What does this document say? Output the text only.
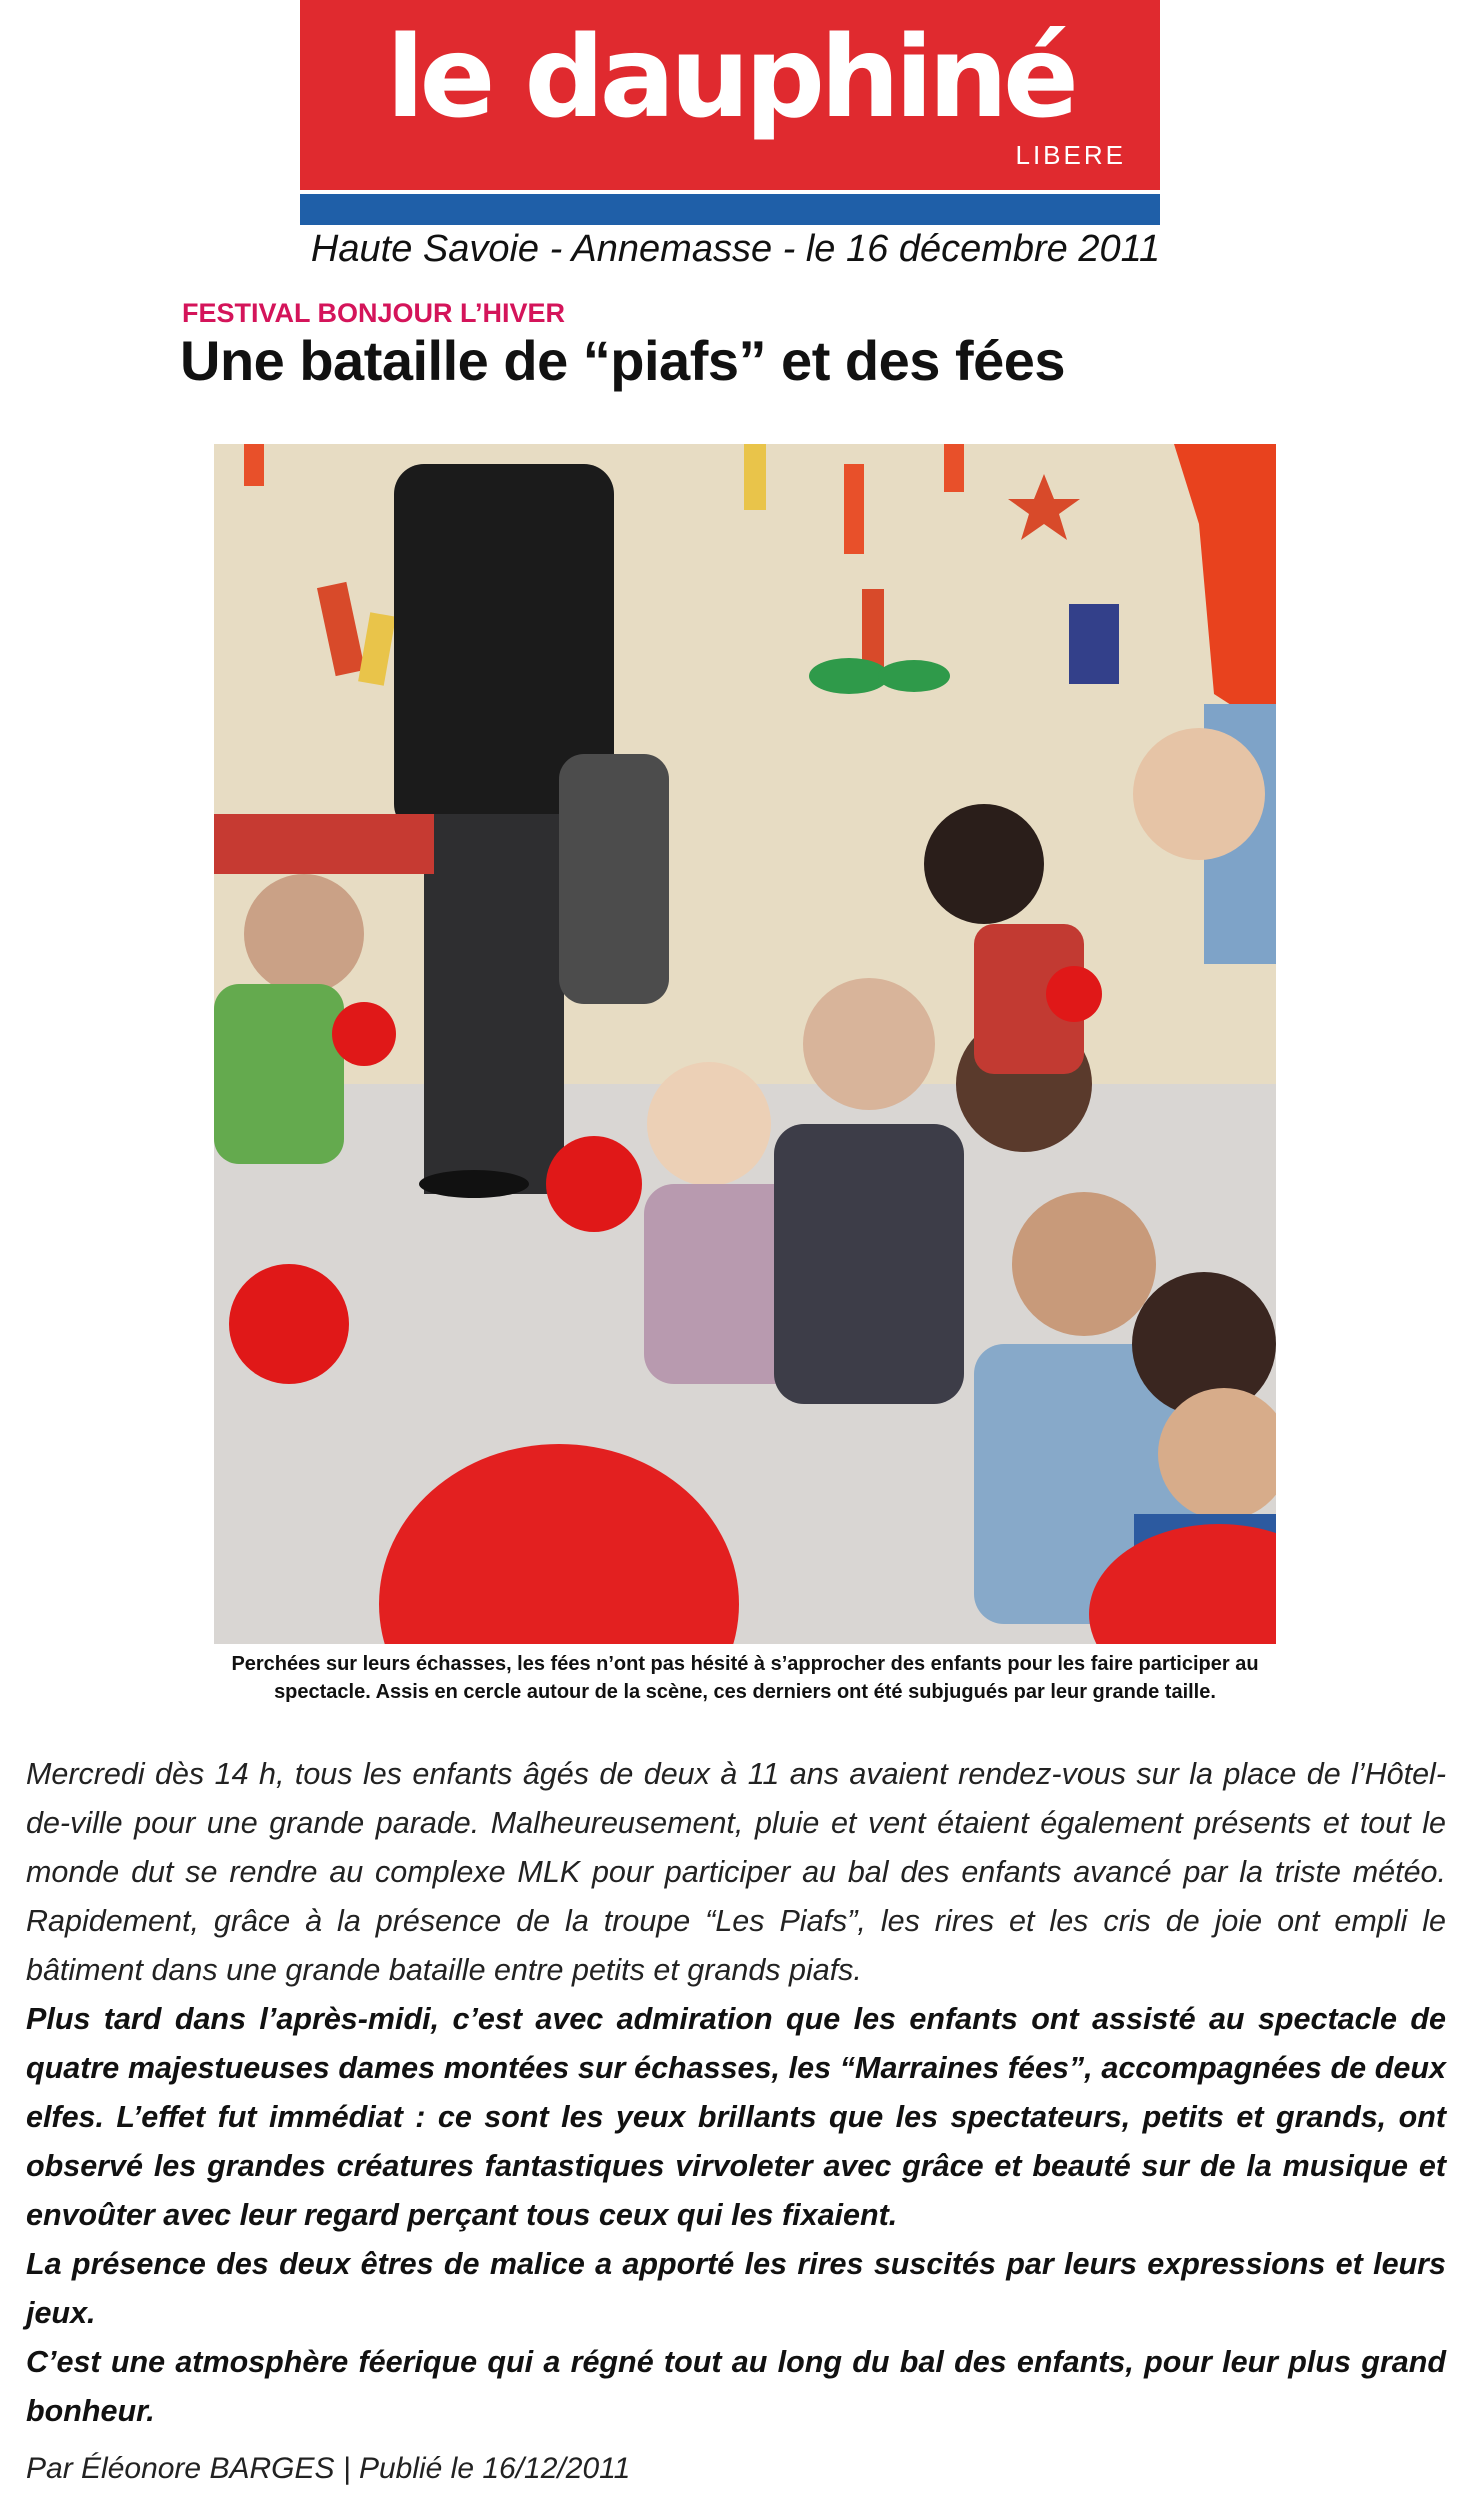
le dauphiné
LIBERE
Haute Savoie - Annemasse - le 16 décembre 2011
FESTIVAL BONJOUR L’HIVER
Une bataille de “piafs” et des fées
Perchées sur leurs échasses, les fées n’ont pas hésité à s’approcher des enfants pour les faire participer au spectacle. Assis en cercle autour de la scène, ces derniers ont été subjugués par leur grande taille.

Mercredi dès 14 h, tous les enfants âgés de deux à 11 ans avaient rendez-vous sur la place de l’Hôtel-de-ville pour une grande parade. Malheureusement, pluie et vent étaient également présents et tout le monde dut se rendre au complexe MLK pour participer au bal des enfants avancé par la triste météo. Rapidement, grâce à la présence de la troupe “Les Piafs”, les rires et les cris de joie ont empli le bâtiment dans une grande bataille entre petits et grands piafs.

Plus tard dans l’après-midi, c’est avec admiration que les enfants ont assisté au spectacle de quatre majestueuses dames montées sur échasses, les “Marraines fées”, accompagnées de deux elfes. L’effet fut immédiat : ce sont les yeux brillants que les spectateurs, petits et grands, ont observé les grandes créatures fantastiques virvoleter avec grâce et beauté sur de la musique et envoûter avec leur regard perçant tous ceux qui les fixaient.

La présence des deux êtres de malice a apporté les rires suscités par leurs expressions et leurs jeux.

C’est une atmosphère féerique qui a régné tout au long du bal des enfants, pour leur plus grand bonheur.

Par Éléonore BARGES | Publié le 16/12/2011
